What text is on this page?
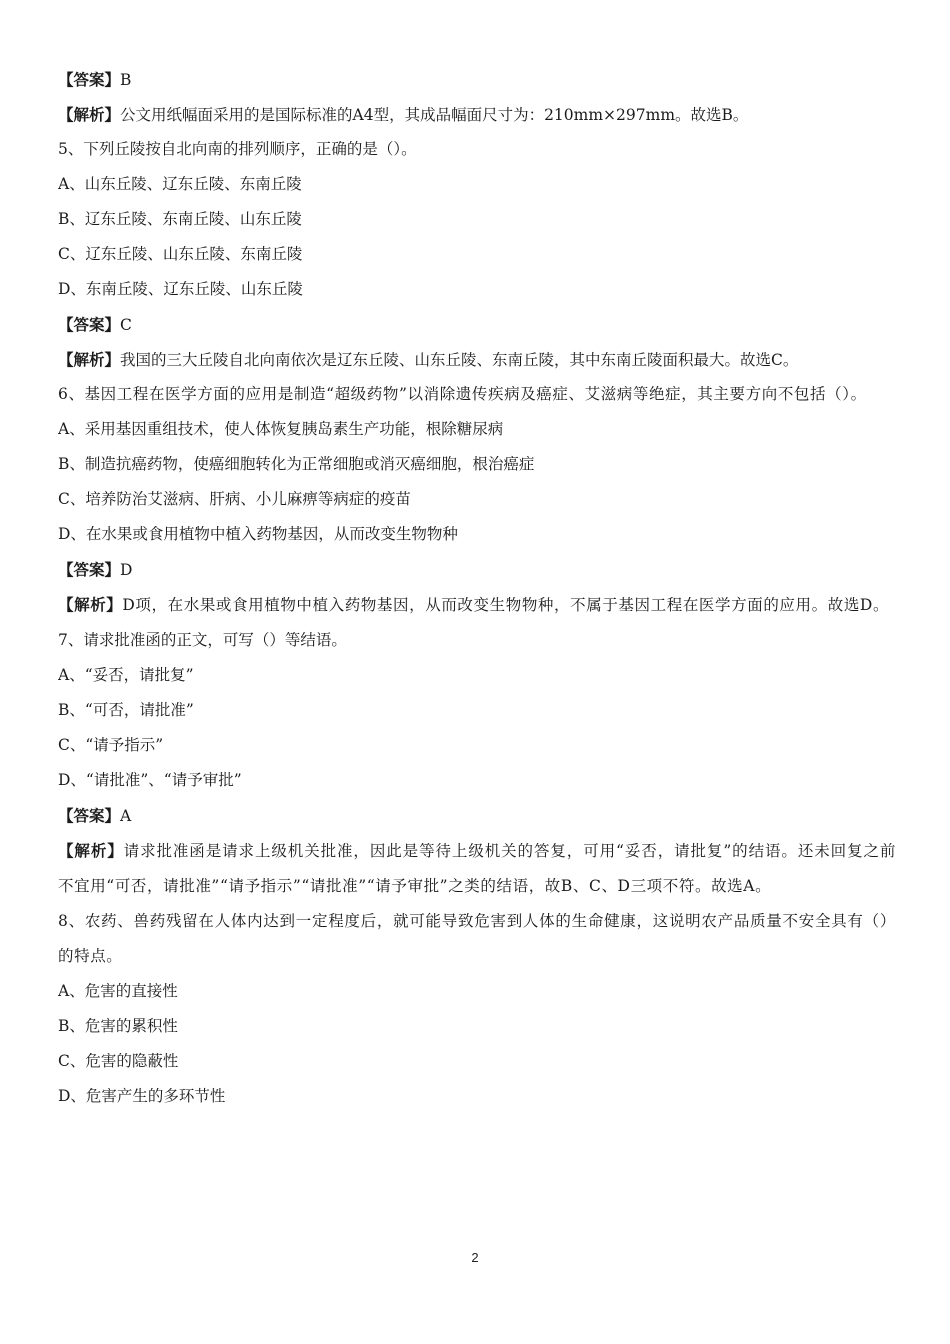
【答案】B
【解析】公文用纸幅面采用的是国际标准的A4型，其成品幅面尺寸为：210mm×297mm。故选B。
5、下列丘陵按自北向南的排列顺序，正确的是（）。
A、山东丘陵、辽东丘陵、东南丘陵
B、辽东丘陵、东南丘陵、山东丘陵
C、辽东丘陵、山东丘陵、东南丘陵
D、东南丘陵、辽东丘陵、山东丘陵
【答案】C
【解析】我国的三大丘陵自北向南依次是辽东丘陵、山东丘陵、东南丘陵，其中东南丘陵面积最大。故选C。
6、基因工程在医学方面的应用是制造“超级药物”以消除遗传疾病及癌症、艾滋病等绝症，其主要方向不包括（）。
A、采用基因重组技术，使人体恢复胰岛素生产功能，根除糖尿病
B、制造抗癌药物，使癌细胞转化为正常细胞或消灭癌细胞，根治癌症
C、培养防治艾滋病、肝病、小儿麻痹等病症的疫苗
D、在水果或食用植物中植入药物基因，从而改变生物物种
【答案】D
【解析】D项，在水果或食用植物中植入药物基因，从而改变生物物种，不属于基因工程在医学方面的应用。故选D。
7、请求批准函的正文，可写（）等结语。
A、“妥否，请批复”
B、“可否，请批准”
C、“请予指示”
D、“请批准”、“请予审批”
【答案】A
【解析】请求批准函是请求上级机关批准，因此是等待上级机关的答复，可用“妥否，请批复”的结语。还未回复之前不宜用“可否，请批准”“请予指示”“请批准”“请予审批”之类的结语，故B、C、D三项不符。故选A。
8、农药、兽药残留在人体内达到一定程度后，就可能导致危害到人体的生命健康，这说明农产品质量不安全具有（）的特点。
A、危害的直接性
B、危害的累积性
C、危害的隐蔽性
D、危害产生的多环节性
2
